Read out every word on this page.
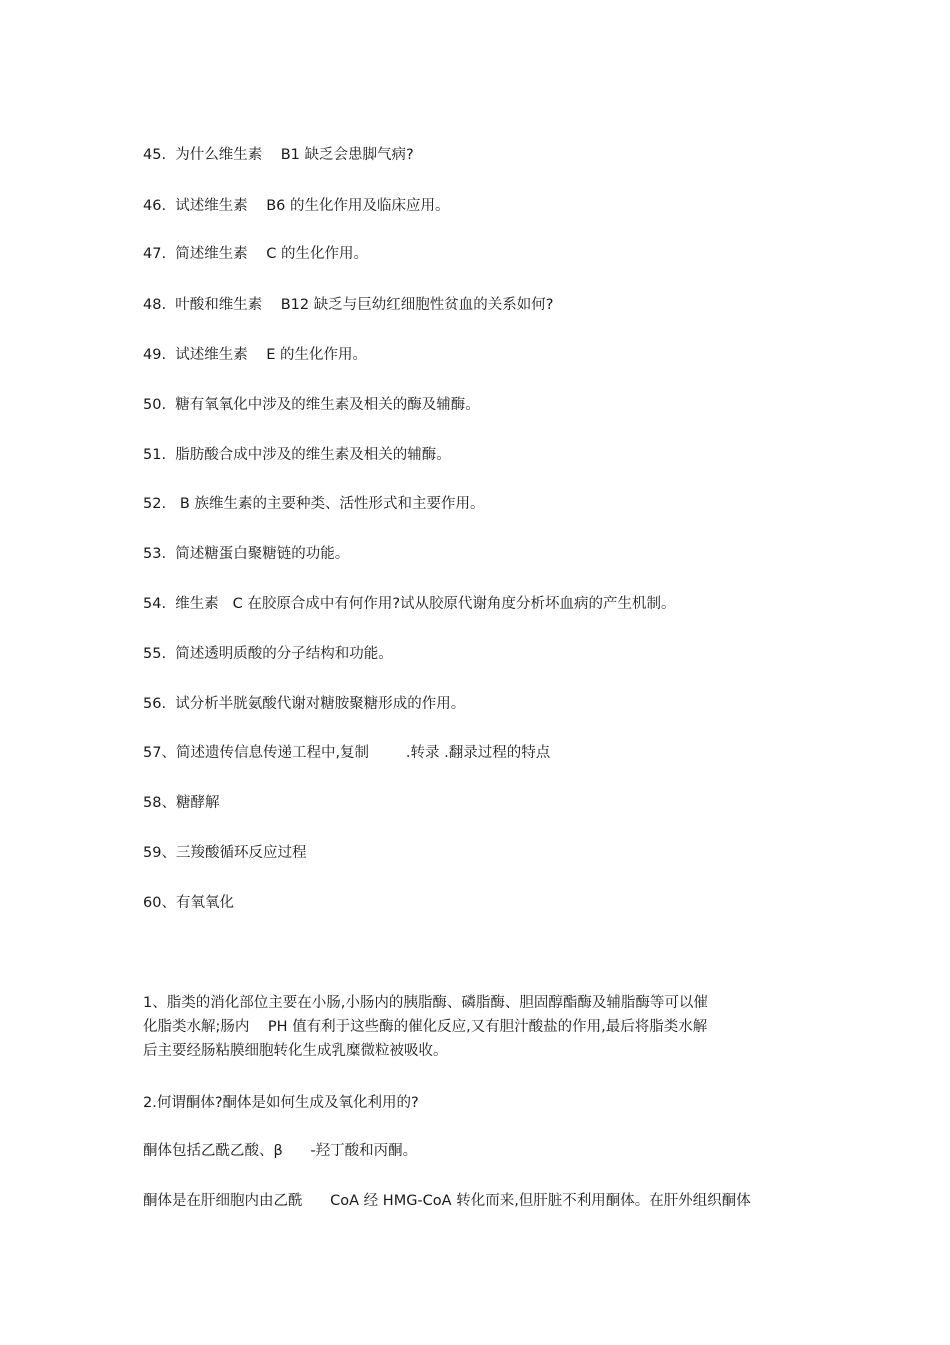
45. 为什么维生素    B1 缺乏会患脚气病?
46. 试述维生素    B6 的生化作用及临床应用。
47. 简述维生素    C 的生化作用。
48. 叶酸和维生素    B12 缺乏与巨幼红细胞性贫血的关系如何?
49. 试述维生素    E 的生化作用。
50. 糖有氧氧化中涉及的维生素及相关的酶及辅酶。
51. 脂肪酸合成中涉及的维生素及相关的辅酶。
52.   B 族维生素的主要种类、活性形式和主要作用。
53. 简述糖蛋白聚糖链的功能。
54. 维生素   C 在胶原合成中有何作用?试从胶原代谢角度分析坏血病的产生机制。
55. 简述透明质酸的分子结构和功能。
56. 试分析半胱氨酸代谢对糖胺聚糖形成的作用。
57、简述遗传信息传递工程中,复制        .转录 .翻录过程的特点
58、糖酵解
59、三羧酸循环反应过程
60、有氧氧化
1、脂类的消化部位主要在小肠,小肠内的胰脂酶、磷脂酶、胆固醇酯酶及辅脂酶等可以催
化脂类水解;肠内    PH 值有利于这些酶的催化反应,又有胆汁酸盐的作用,最后将脂类水解
后主要经肠粘膜细胞转化生成乳糜微粒被吸收。
2.何谓酮体?酮体是如何生成及氧化利用的?
酮体包括乙酰乙酸、β      -羟丁酸和丙酮。
酮体是在肝细胞内由乙酰      CoA 经 HMG-CoA 转化而来,但肝脏不利用酮体。在肝外组织酮体
